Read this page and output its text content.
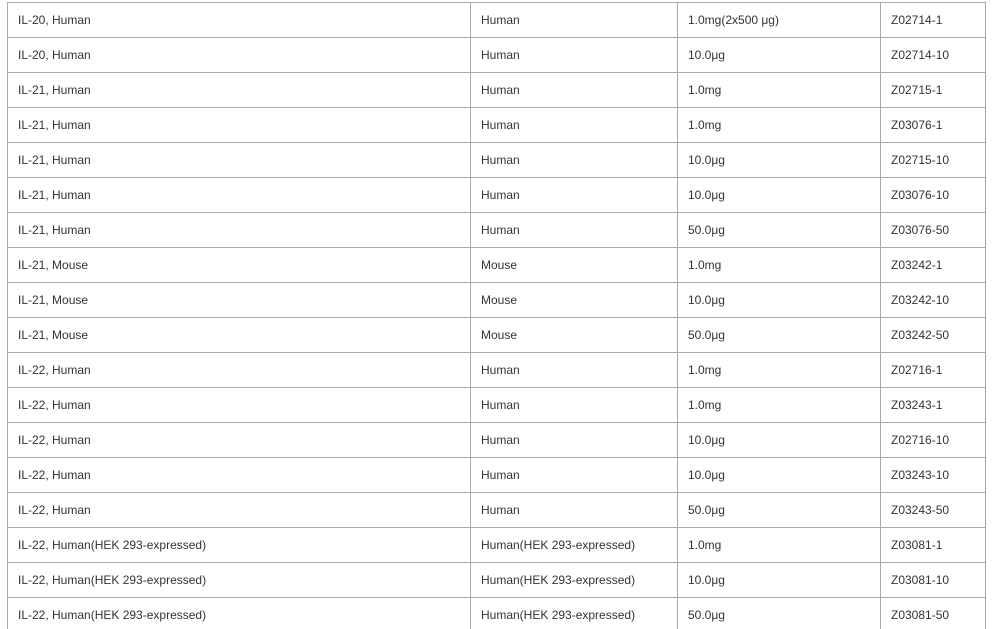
IL-20, Human	Human	1.0mg(2x500 μg)	Z02714-1
IL-20, Human	Human	10.0μg	Z02714-10
IL-21, Human	Human	1.0mg	Z02715-1
IL-21, Human	Human	1.0mg	Z03076-1
IL-21, Human	Human	10.0μg	Z02715-10
IL-21, Human	Human	10.0μg	Z03076-10
IL-21, Human	Human	50.0μg	Z03076-50
IL-21, Mouse	Mouse	1.0mg	Z03242-1
IL-21, Mouse	Mouse	10.0μg	Z03242-10
IL-21, Mouse	Mouse	50.0μg	Z03242-50
IL-22, Human	Human	1.0mg	Z02716-1
IL-22, Human	Human	1.0mg	Z03243-1
IL-22, Human	Human	10.0μg	Z02716-10
IL-22, Human	Human	10.0μg	Z03243-10
IL-22, Human	Human	50.0μg	Z03243-50
IL-22, Human(HEK 293-expressed)	Human(HEK 293-expressed)	1.0mg	Z03081-1
IL-22, Human(HEK 293-expressed)	Human(HEK 293-expressed)	10.0μg	Z03081-10
IL-22, Human(HEK 293-expressed)	Human(HEK 293-expressed)	50.0μg	Z03081-50
